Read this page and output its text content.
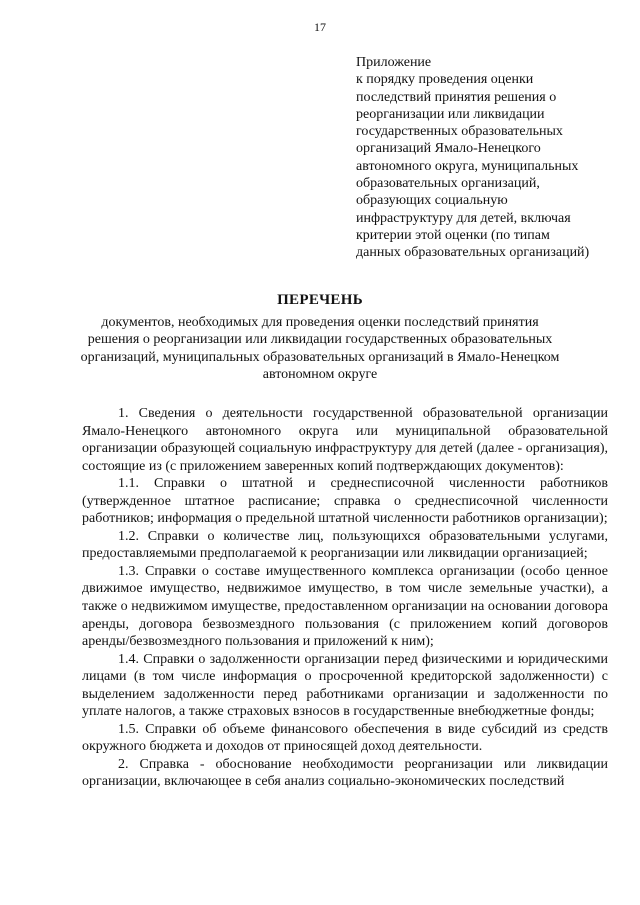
17
Приложение
к порядку проведения оценки
последствий принятия решения о
реорганизации или ликвидации
государственных образовательных
организаций Ямало-Ненецкого
автономного округа, муниципальных
образовательных организаций,
образующих социальную
инфраструктуру для детей, включая
критерии этой оценки (по типам
данных образовательных организаций)
ПЕРЕЧЕНЬ
документов, необходимых для проведения оценки последствий принятия
решения о реорганизации или ликвидации государственных образовательных
организаций, муниципальных образовательных организаций в Ямало-Ненецком
автономном округе

1. Сведения о деятельности государственной образовательной организации Ямало-Ненецкого автономного округа или муниципальной образовательной организации образующей социальную инфраструктуру для детей (далее - организация), состоящие из (с приложением заверенных копий подтверждающих документов):

1.1. Справки о штатной и среднесписочной численности работников (утвержденное штатное расписание; справка о среднесписочной численности работников; информация о предельной штатной численности работников организации);

1.2. Справки о количестве лиц, пользующихся образовательными услугами, предоставляемыми предполагаемой к реорганизации или ликвидации организацией;

1.3. Справки о составе имущественного комплекса организации (особо ценное движимое имущество, недвижимое имущество, в том числе земельные участки), а также о недвижимом имуществе, предоставленном организации на основании договора аренды, договора безвозмездного пользования (с приложением копий договоров аренды/безвозмездного пользования и приложений к ним);

1.4. Справки о задолженности организации перед физическими и юридическими лицами (в том числе информация о просроченной кредиторской задолженности) с выделением задолженности перед работниками организации и задолженности по уплате налогов, а также страховых взносов в государственные внебюджетные фонды;

1.5. Справки об объеме финансового обеспечения в виде субсидий из средств окружного бюджета и доходов от приносящей доход деятельности.

2. Справка - обоснование необходимости реорганизации или ликвидации организации, включающее в себя анализ социально-экономических последствий
